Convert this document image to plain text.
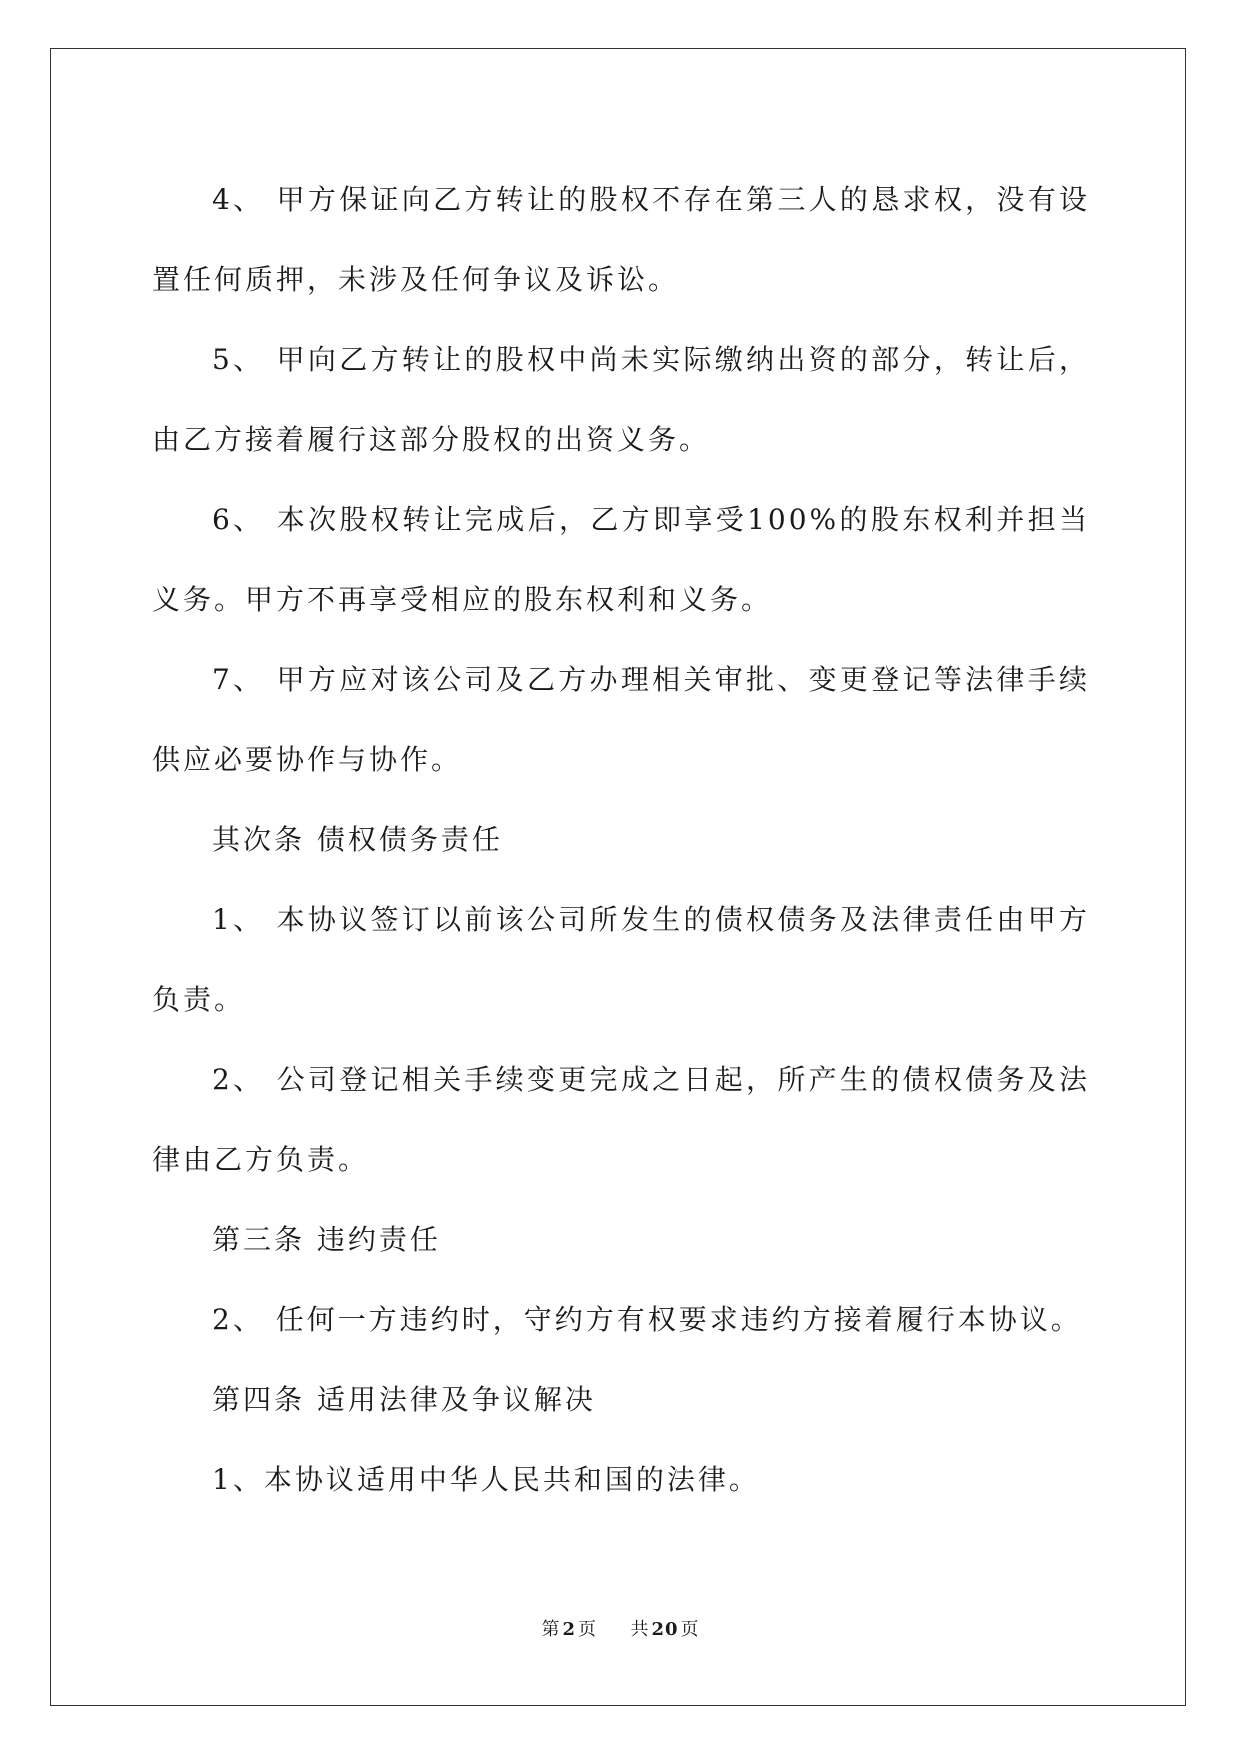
4、 甲方保证向乙方转让的股权不存在第三人的恳求权，没有设置任何质押，未涉及任何争议及诉讼。

5、 甲向乙方转让的股权中尚未实际缴纳出资的部分，转让后，由乙方接着履行这部分股权的出资义务。

6、 本次股权转让完成后，乙方即享受100%的股东权利并担当义务。甲方不再享受相应的股东权利和义务。

7、 甲方应对该公司及乙方办理相关审批、变更登记等法律手续供应必要协作与协作。

其次条 债权债务责任

1、 本协议签订以前该公司所发生的债权债务及法律责任由甲方负责。

2、 公司登记相关手续变更完成之日起，所产生的债权债务及法律由乙方负责。

第三条 违约责任

2、 任何一方违约时，守约方有权要求违约方接着履行本协议。

第四条 适用法律及争议解决

1、本协议适用中华人民共和国的法律。

第 2 页 共 20 页
